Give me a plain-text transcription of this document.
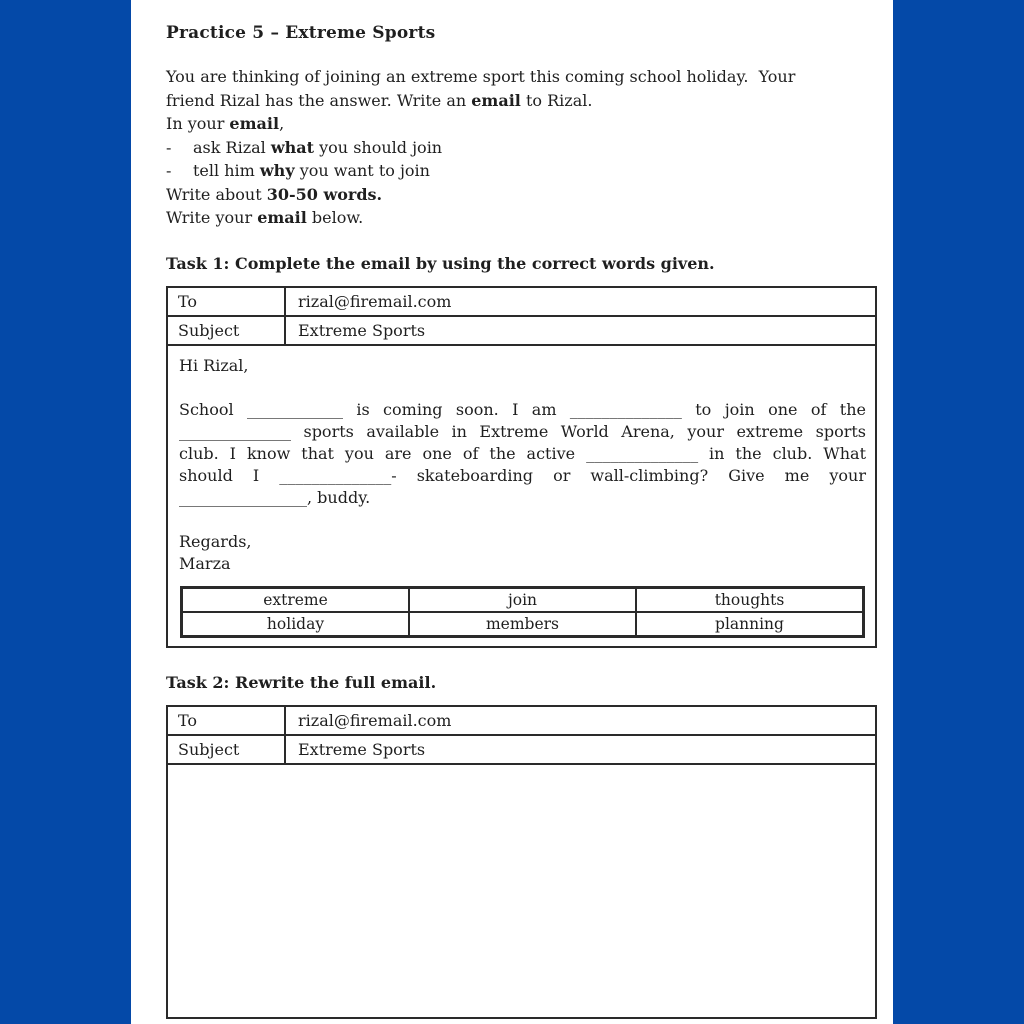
Practice 5 – Extreme Sports
You are thinking of joining an extreme sport this coming school holiday.  Your
friend Rizal has the answer. Write an email to Rizal.
In your email,
-	ask Rizal what you should join
-	tell him why you want to join
Write about 30-50 words.
Write your email below.
Task 1: Complete the email by using the correct words given.
To	rizal@firemail.com
Subject	Extreme Sports
Hi Rizal,
School ____________ is coming soon. I am ______________ to join one of the
______________ sports available in Extreme World Arena, your extreme sports
club. I know that you are one of the active ______________ in the club. What
should I ______________- skateboarding or wall-climbing? Give me your
________________, buddy.
Regards,
Marza
extreme	join	thoughts
holiday	members	planning
Task 2: Rewrite the full email.
To	rizal@firemail.com
Subject	Extreme Sports
